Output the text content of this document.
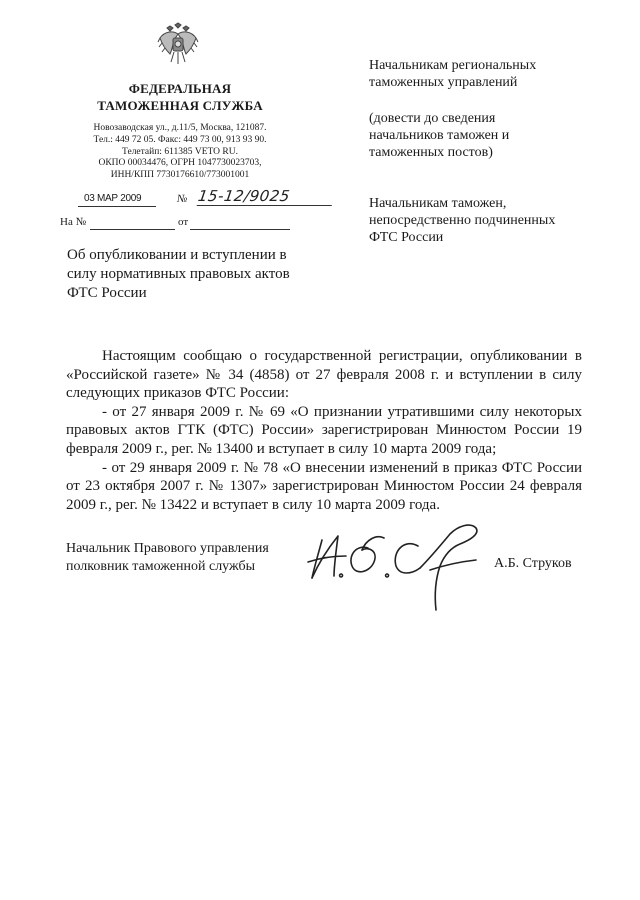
ФЕДЕРАЛЬНАЯ
ТАМОЖЕННАЯ СЛУЖБА
Новозаводская ул., д.11/5, Москва, 121087.
Тел.: 449 72 05. Факс: 449 73 00, 913 93 90.
Телетайп: 611385 VETO RU.
ОКПО 00034476, ОГРН 1047730023703,
ИНН/КПП 7730176610/773001001
03 МАР 2009	№ 15-12/9025
На №	от
Об опубликовании и вступлении в
силу нормативных правовых актов
ФТС России
Начальникам региональных
таможенных управлений
(довести до сведения
начальников таможен и
таможенных постов)
Начальникам таможен,
непосредственно подчиненных
ФТС России
Настоящим сообщаю о государственной регистрации, опубликовании в «Российской газете» № 34 (4858) от 27 февраля 2008 г. и вступлении в силу следующих приказов ФТС России:
- от 27 января 2009 г. № 69 «О признании утратившими силу некоторых правовых актов ГТК (ФТС) России» зарегистрирован Минюстом России 19 февраля 2009 г., рег. № 13400 и вступает в силу 10 марта 2009 года;
- от 29 января 2009 г. № 78 «О внесении изменений в приказ ФТС России от 23 октября 2007 г. № 1307» зарегистрирован Минюстом России 24 февраля 2009 г., рег. № 13422 и вступает в силу 10 марта 2009 года.
Начальник Правового управления
полковник таможенной службы	А.Б. Струков
